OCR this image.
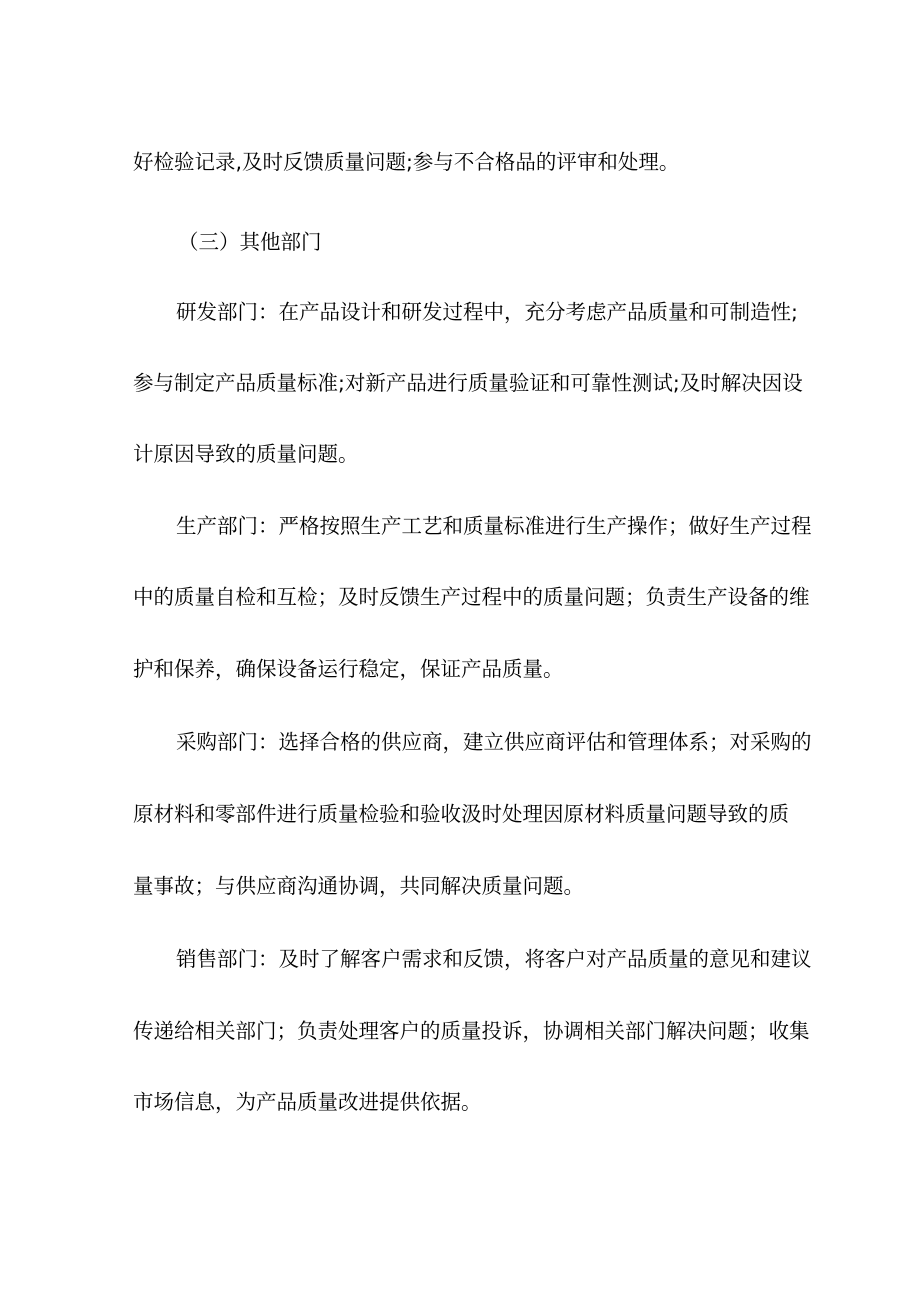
好检验记录,及时反馈质量问题;参与不合格品的评审和处理。
（三）其他部门
研发部门：在产品设计和研发过程中，充分考虑产品质量和可制造性;
参与制定产品质量标准;对新产品进行质量验证和可靠性测试;及时解决因设
计原因导致的质量问题。
生产部门：严格按照生产工艺和质量标准进行生产操作；做好生产过程
中的质量自检和互检；及时反馈生产过程中的质量问题；负责生产设备的维
护和保养，确保设备运行稳定，保证产品质量。
采购部门：选择合格的供应商，建立供应商评估和管理体系；对采购的
原材料和零部件进行质量检验和验收汲时处理因原材料质量问题导致的质
量事故；与供应商沟通协调，共同解决质量问题。
销售部门：及时了解客户需求和反馈，将客户对产品质量的意见和建议
传递给相关部门；负责处理客户的质量投诉，协调相关部门解决问题；收集
市场信息，为产品质量改进提供依据。
